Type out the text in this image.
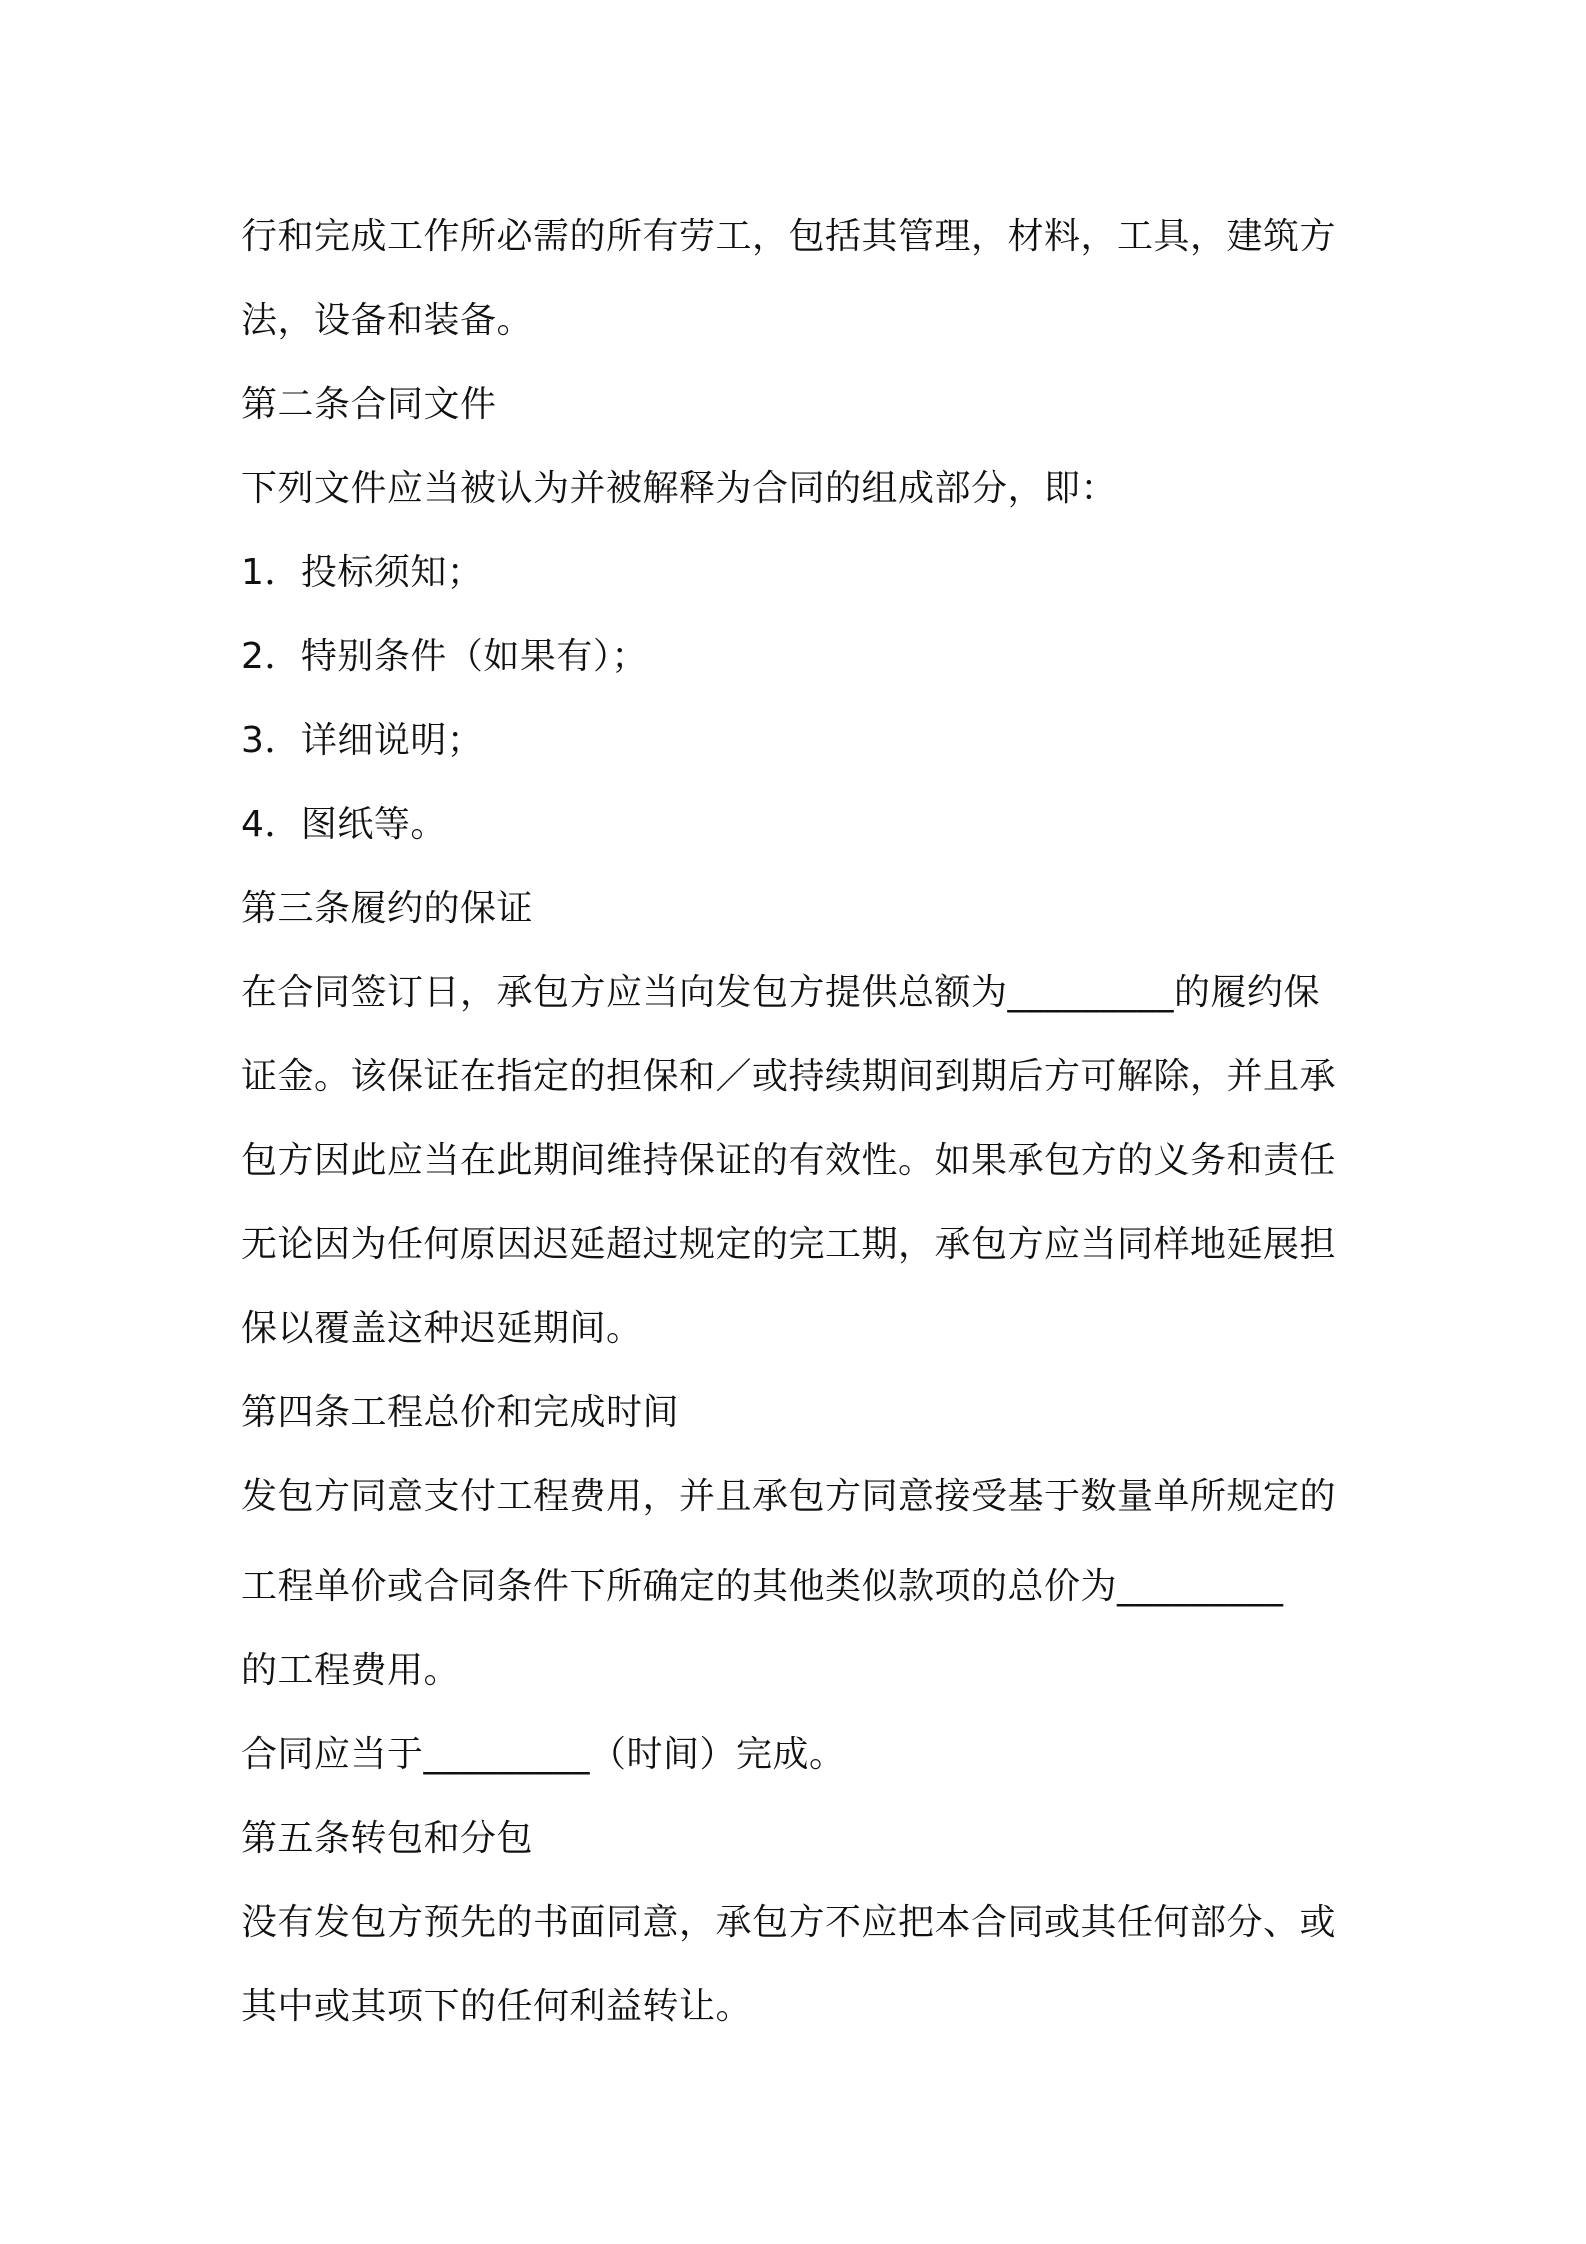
行和完成工作所必需的所有劳工，包括其管理，材料，工具，建筑方
法，设备和装备。
第二条合同文件
下列文件应当被认为并被解释为合同的组成部分，即：
1．投标须知；
2．特别条件（如果有）；
3．详细说明；
4．图纸等。
第三条履约的保证
在合同签订日，承包方应当向发包方提供总额为_________的履约保
证金。该保证在指定的担保和／或持续期间到期后方可解除，并且承
包方因此应当在此期间维持保证的有效性。如果承包方的义务和责任
无论因为任何原因迟延超过规定的完工期，承包方应当同样地延展担
保以覆盖这种迟延期间。
第四条工程总价和完成时间
发包方同意支付工程费用，并且承包方同意接受基于数量单所规定的
工程单价或合同条件下所确定的其他类似款项的总价为_________
的工程费用。
合同应当于_________（时间）完成。
第五条转包和分包
没有发包方预先的书面同意，承包方不应把本合同或其任何部分、或
其中或其项下的任何利益转让。
